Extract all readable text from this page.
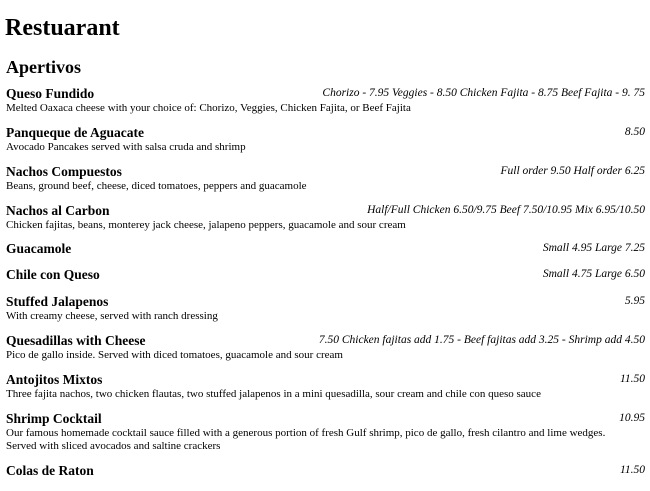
Restuarant
Apertivos
Queso Fundido	Chorizo - 7.95 Veggies - 8.50 Chicken Fajita - 8.75 Beef Fajita - 9. 75

Melted Oaxaca cheese with your choice of: Chorizo, Veggies, Chicken Fajita, or Beef Fajita

Panqueque de Aguacate	8.50

Avocado Pancakes served with salsa cruda and shrimp

Nachos Compuestos	Full order 9.50 Half order 6.25

Beans, ground beef, cheese, diced tomatoes, peppers and guacamole

Nachos al Carbon	Half/Full Chicken 6.50/9.75 Beef 7.50/10.95 Mix 6.95/10.50

Chicken fajitas, beans, monterey jack cheese, jalapeno peppers, guacamole and sour cream

Guacamole	Small 4.95 Large 7.25
Chile con Queso	Small 4.75 Large 6.50
Stuffed Jalapenos	5.95

With creamy cheese, served with ranch dressing

Quesadillas with Cheese	7.50 Chicken fajitas add 1.75 - Beef fajitas add 3.25 - Shrimp add 4.50

Pico de gallo inside. Served with diced tomatoes, guacamole and sour cream

Antojitos Mixtos	11.50

Three fajita nachos, two chicken flautas, two stuffed jalapenos in a mini quesadilla, sour cream and chile con queso sauce

Shrimp Cocktail	10.95

Our famous homemade cocktail sauce filled with a generous portion of fresh Gulf shrimp, pico de gallo, fresh cilantro and lime wedges.

Served with sliced avocados and saltine crackers

Colas de Raton	11.50
